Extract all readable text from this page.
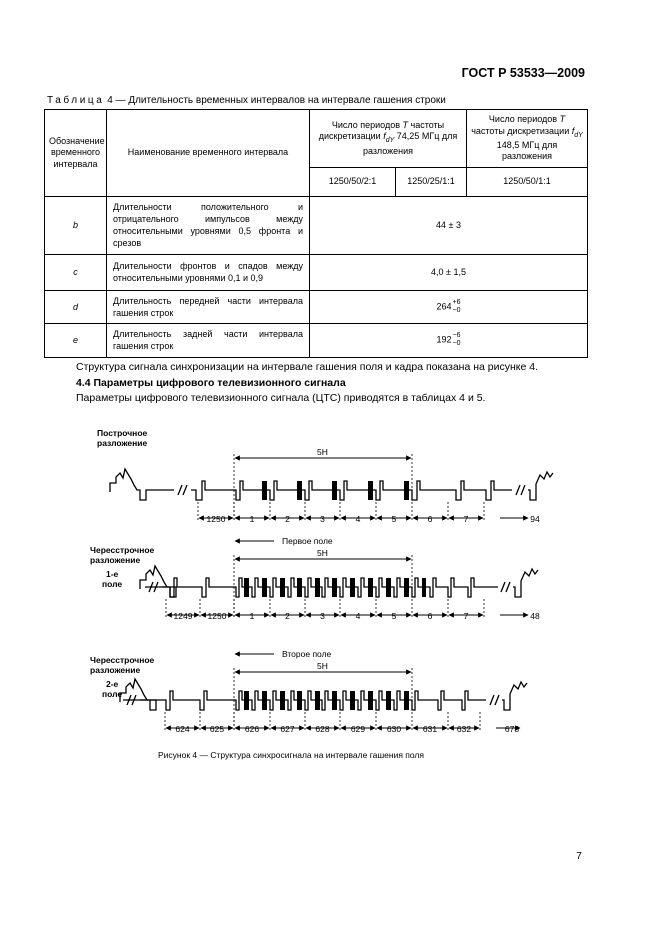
ГОСТ Р 53533—2009
Таблица 4 — Длительность временных интервалов на интервале гашения строки
Обозначение временного интервала	Наименование временного интервала	Число периодов T частоты дискретизации $f_{dY}$ 74,25 МГц для разложения		Число периодов T частоты дискретизации $f_{dY}$ 148,5 МГц для разложения
		1250/50/2:1	1250/25/1:1	1250/50/1:1
b	Длительности положительного и отрицательного импульсов между относительными уровнями 0,5 фронта и срезов	44 ± 3		
c	Длительности фронтов и спадов между относительными уровнями 0,1 и 0,9	4,0 ± 1,5		
d	Длительность передней части интервала гашения строк	264+6
−0		
e	Длительность задней части интервала гашения строк	192−6
−0		
Структура сигнала синхронизации на интервале гашения поля и кадра показана на рисунке 4.
4.4 Параметры цифрового телевизионного сигнала
Параметры цифрового телевизионного сигнала (ЦТС) приводятся в таблицах 4 и 5.
5H
1250	1	2	3	4	5	6	7	94
Построчное
разложение
5H
1249 1250	1	2	3	4	5	6	7	48
Первое поле
Чересстрочное
разложение
1-е
поле
5H
624 625 626	627 628	629	630	631 632	678
Второе поле
Чересстрочное
разложение
2-е
поле
Рисунок 4 — Структура синхросигнала на интервале гашения поля
7
